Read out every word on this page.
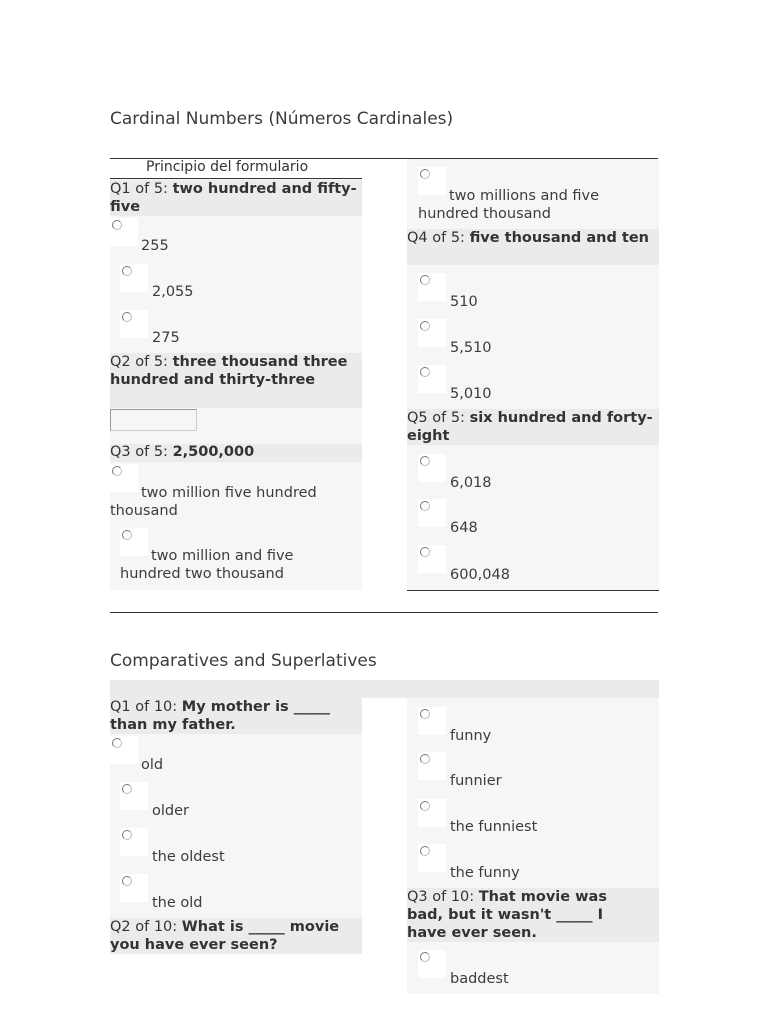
Cardinal Numbers (Números Cardinales)
Principio del formulario
Q1 of 5: two hundred and fifty-five
255
2,055
275
Q2 of 5: three thousand three hundred and thirty-three
Q3 of 5: 2,500,000
two million five hundred thousand
two million and five hundred two thousand
two millions and five hundred thousand
Q4 of 5: five thousand and ten
510
5,510
5,010
Q5 of 5: six hundred and forty-eight
6,018
648
600,048
Comparatives and Superlatives
Q1 of 10: My mother is _____ than my father.
old
older
the oldest
the old
Q2 of 10: What is _____ movie you have ever seen?
funny
funnier
the funniest
the funny
Q3 of 10: That movie was bad, but it wasn't _____ I have ever seen.
baddest
